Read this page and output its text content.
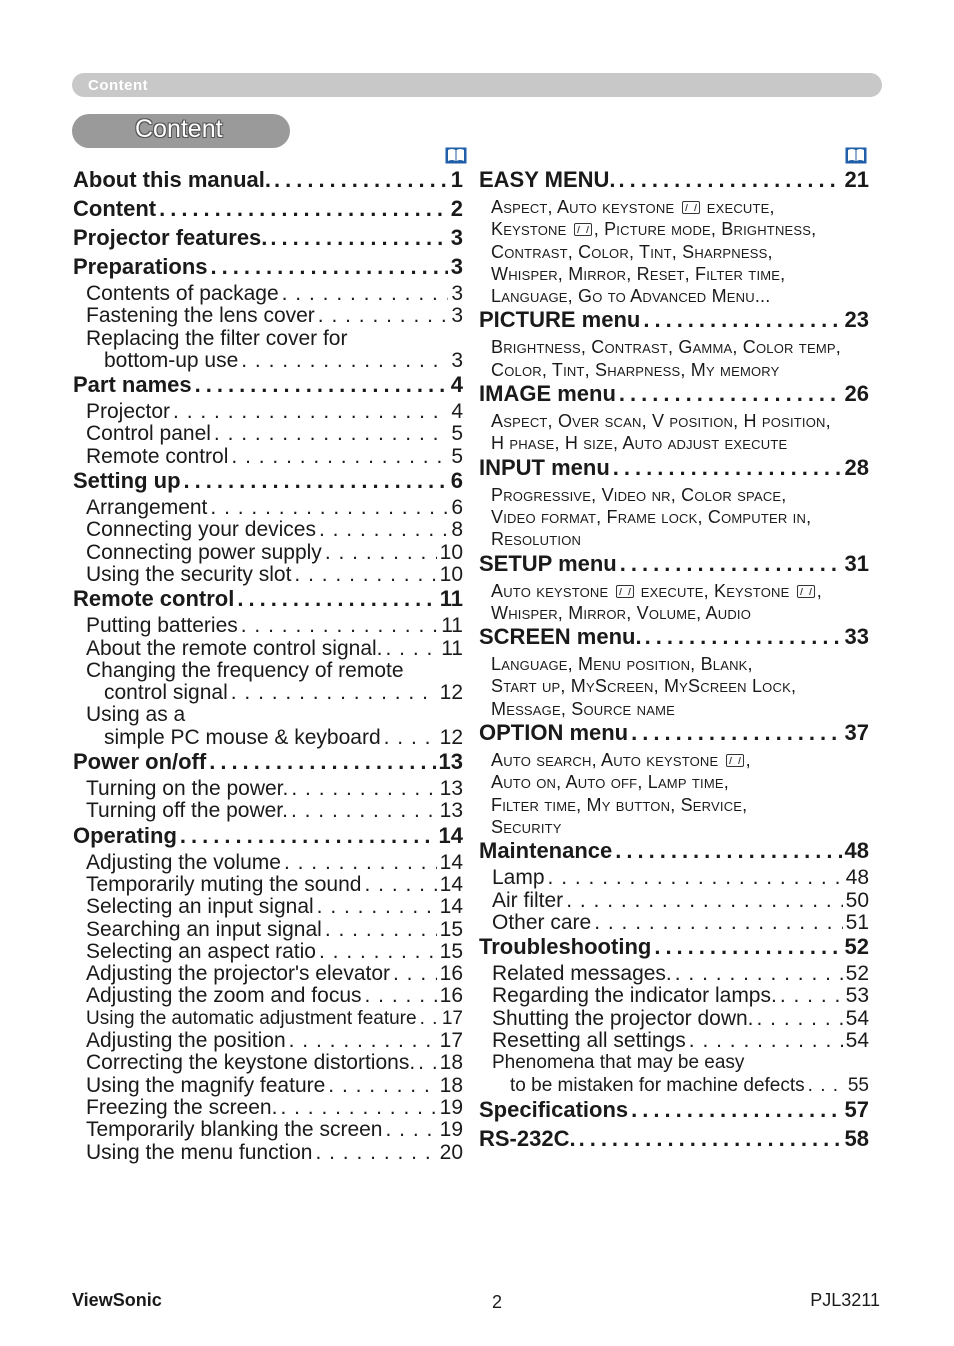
Content
Content
About this manual. .....	1
Content .....	2
Projector features. .....	3
Preparations .....	3
Contents of package . . .	3
Fastening the lens cover . . .	3
Replacing the filter cover for
bottom-up use . . .	3
Part names .....	4
Projector . . .	4
Control panel . . .	5
Remote control . . .	5
Setting up .....	6
Arrangement . . .	6
Connecting your devices . . .	8
Connecting power supply . . .	10
Using the security slot . . .	10
Remote control .....	11
Putting batteries . . .	11
About the remote control signal. . . .	11
Changing the frequency of remote
control signal . . .	12
Using as a
simple PC mouse & keyboard . . .	12
Power on/off .....	13
Turning on the power. . . .	13
Turning off the power. . . .	13
Operating .....	14
Adjusting the volume . . .	14
Temporarily muting the sound . . .	14
Selecting an input signal . . .	14
Searching an input signal . . .	15
Selecting an aspect ratio . . .	15
Adjusting the projector's elevator . . . 16
Adjusting the zoom and focus . . .	16
Using the automatic adjustment feature . . . 17
Adjusting the position . . .	17
Correcting the keystone distortions. . . . 18
Using the magnify feature . . .	18
Freezing the screen. . . .	19
Temporarily blanking the screen . . .	19
Using the menu function . . .	20
EASY MENU. .....	21
Aspect, Auto keystone  execute,
Keystone , Picture mode, Brightness,
Contrast, Color, Tint, Sharpness,
Whisper, Mirror, Reset, Filter time,
Language, Go to Advanced Menu...
PICTURE menu .....	23
Brightness, Contrast, Gamma, Color temp,
Color, Tint, Sharpness, My memory
IMAGE menu .....	26
Aspect, Over scan, V position, H position,
H phase, H size, Auto adjust execute
INPUT menu .....	28
Progressive, Video nr, Color space,
Video format, Frame lock, Computer in,
Resolution
SETUP menu .....	31
Auto keystone  execute, Keystone ,
Whisper, Mirror, Volume, Audio
SCREEN menu. .....	33
Language, Menu position, Blank,
Start up, MyScreen, MyScreen Lock,
Message, Source name
OPTION menu .....	37
Auto search, Auto keystone ,
Auto on, Auto off, Lamp time,
Filter time, My button, Service,
Security
Maintenance .....	48
Lamp . . .	48
Air filter . . .	50
Other care . . .	51
Troubleshooting .....	52
Related messages. . . .	52
Regarding the indicator lamps. . . .	53
Shutting the projector down. . . .	54
Resetting all settings . . .	54
Phenomena that may be easy
to be mistaken for machine defects . . . 55
Specifications .....	57
RS-232C. .....	58
ViewSonic	2	PJL3211
